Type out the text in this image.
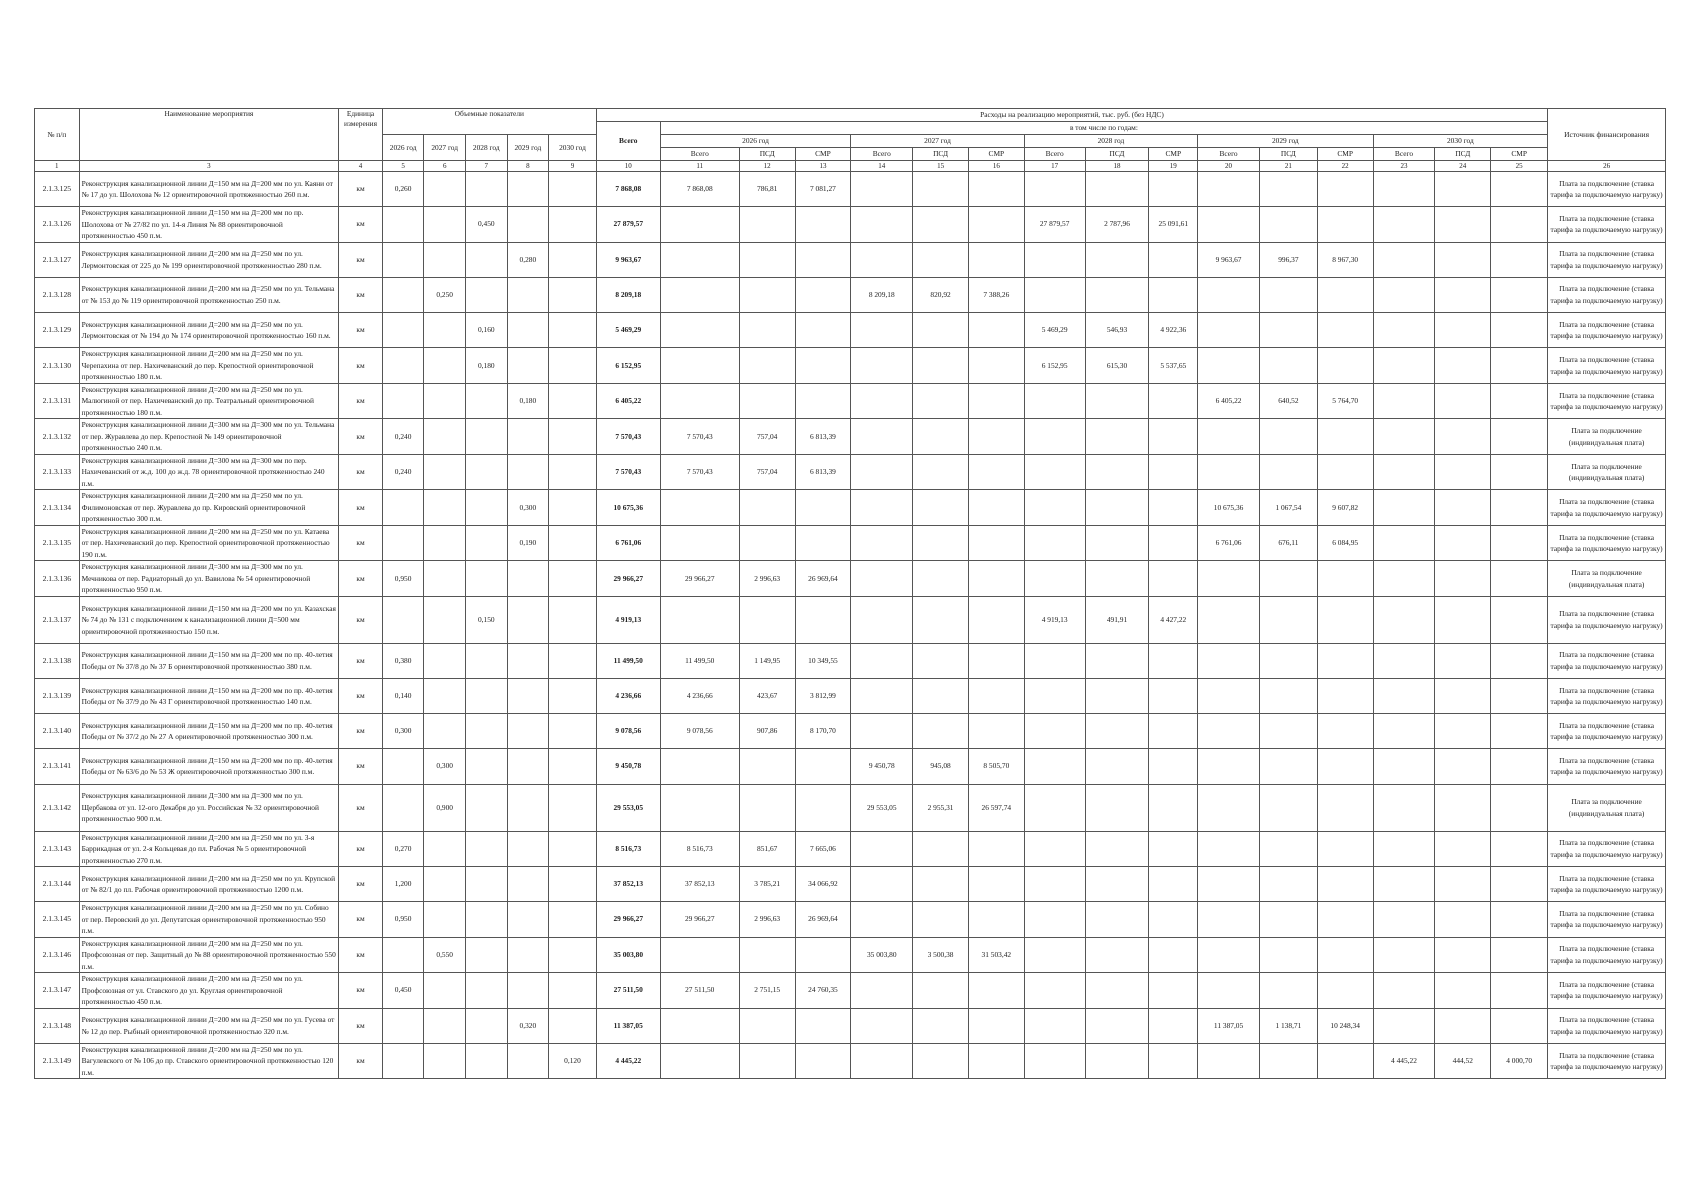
№ п/п	Наименование мероприятия	Единица измерения	Объемные показатели					Расходы на реализацию мероприятий, тыс. руб. (без НДС)																Источник финансирования
								Всего	в том числе по годам:															
			2026 год	2027 год	2028 год	2029 год	2030 год		2026 год			2027 год			2028 год			2029 год			2030 год			
									Всего	ПСД	СМР	Всего	ПСД	СМР	Всего	ПСД	СМР	Всего	ПСД	СМР	Всего	ПСД	СМР	
1	3	4	5	6	7	8	9	10	11	12	13	14	15	16	17	18	19	20	21	22	23	24	25	26
2.1.3.125	Реконструкция канализационной линии Д=150 мм на Д=200 мм по ул. Каяни от № 17 до ул. Шолохова № 12 ориентировочной протяженностью 260 п.м.	км	0,260					7 868,08	7 868,08	786,81	7 081,27													Плата за подключение (ставка тарифа за подключаемую нагрузку)
2.1.3.126	Реконструкция канализационной линии Д=150 мм на Д=200 мм по пр. Шолохова от № 27/82 по ул. 14-я Линия № 88 ориентировочной протяженностью 450 п.м.	км			0,450			27 879,57							27 879,57	2 787,96	25 091,61							Плата за подключение (ставка тарифа за подключаемую нагрузку)
2.1.3.127	Реконструкция канализационной линии Д=200 мм на Д=250 мм по ул. Лермонтовская от 225 до № 199 ориентировочной протяженностью 280 п.м.	км				0,280		9 963,67										9 963,67	996,37	8 967,30				Плата за подключение (ставка тарифа за подключаемую нагрузку)
2.1.3.128	Реконструкция канализационной линии Д=200 мм на Д=250 мм по ул. Тельмана от № 153 до № 119 ориентировочной протяженностью 250 п.м.	км		0,250				8 209,18				8 209,18	820,92	7 388,26										Плата за подключение (ставка тарифа за подключаемую нагрузку)
2.1.3.129	Реконструкция канализационной линии Д=200 мм на Д=250 мм по ул. Лермонтовская от № 194 до № 174 ориентировочной протяженностью 160 п.м.	км			0,160			5 469,29							5 469,29	546,93	4 922,36							Плата за подключение (ставка тарифа за подключаемую нагрузку)
2.1.3.130	Реконструкция канализационной линии Д=200 мм на Д=250 мм по ул. Черепахина от пер. Нахичеванский до пер. Крепостной ориентировочной протяженностью 180 п.м.	км			0,180			6 152,95							6 152,95	615,30	5 537,65							Плата за подключение (ставка тарифа за подключаемую нагрузку)
2.1.3.131	Реконструкция канализационной линии Д=200 мм на Д=250 мм по ул. Малюгиной от пер. Нахичеванский до пр. Театральный ориентировочной протяженностью 180 п.м.	км				0,180		6 405,22										6 405,22	640,52	5 764,70				Плата за подключение (ставка тарифа за подключаемую нагрузку)
2.1.3.132	Реконструкция канализационной линии Д=300 мм на Д=300 мм по ул. Тельмана от пер. Журавлева до пер. Крепостной № 149 ориентировочной протяженностью 240 п.м.	км	0,240					7 570,43	7 570,43	757,04	6 813,39													Плата за подключение (индивидуальная плата)
2.1.3.133	Реконструкция канализационной линии Д=300 мм на Д=300 мм по пер. Нахичеванский от ж.д. 100 до ж.д. 78 ориентировочной протяженностью 240 п.м.	км	0,240					7 570,43	7 570,43	757,04	6 813,39													Плата за подключение (индивидуальная плата)
2.1.3.134	Реконструкция канализационной линии Д=200 мм на Д=250 мм по ул. Филимоновская от пер. Журавлева до пр. Кировский ориентировочной протяженностью 300 п.м.	км				0,300		10 675,36										10 675,36	1 067,54	9 607,82				Плата за подключение (ставка тарифа за подключаемую нагрузку)
2.1.3.135	Реконструкция канализационной линии Д=200 мм на Д=250 мм по ул. Катаева от пер. Нахичеванский до пер. Крепостной ориентировочной протяженностью 190 п.м.	км				0,190		6 761,06										6 761,06	676,11	6 084,95				Плата за подключение (ставка тарифа за подключаемую нагрузку)
2.1.3.136	Реконструкция канализационной линии Д=300 мм на Д=300 мм по ул. Мечникова от пер. Радиаторный до ул. Вавилова № 54 ориентировочной протяженностью 950 п.м.	км	0,950					29 966,27	29 966,27	2 996,63	26 969,64													Плата за подключение (индивидуальная плата)
2.1.3.137	Реконструкция канализационной линии Д=150 мм на Д=200 мм по ул. Казахская № 74 до № 131 с подключением к канализационной линии Д=500 мм ориентировочной протяженностью 150 п.м.	км			0,150			4 919,13							4 919,13	491,91	4 427,22							Плата за подключение (ставка тарифа за подключаемую нагрузку)
2.1.3.138	Реконструкция канализационной линии Д=150 мм на Д=200 мм по пр. 40-летия Победы от № 37/8 до № 37 Б ориентировочной протяженностью 380 п.м.	км	0,380					11 499,50	11 499,50	1 149,95	10 349,55													Плата за подключение (ставка тарифа за подключаемую нагрузку)
2.1.3.139	Реконструкция канализационной линии Д=150 мм на Д=200 мм по пр. 40-летия Победы от № 37/9 до № 43 Г ориентировочной протяженностью 140 п.м.	км	0,140					4 236,66	4 236,66	423,67	3 812,99													Плата за подключение (ставка тарифа за подключаемую нагрузку)
2.1.3.140	Реконструкция канализационной линии Д=150 мм на Д=200 мм по пр. 40-летия Победы от № 37/2 до № 27 А ориентировочной протяженностью 300 п.м.	км	0,300					9 078,56	9 078,56	907,86	8 170,70													Плата за подключение (ставка тарифа за подключаемую нагрузку)
2.1.3.141	Реконструкция канализационной линии Д=150 мм на Д=200 мм по пр. 40-летия Победы от № 63/6 до № 53 Ж ориентировочной протяженностью 300 п.м.	км		0,300				9 450,78				9 450,78	945,08	8 505,70										Плата за подключение (ставка тарифа за подключаемую нагрузку)
2.1.3.142	Реконструкция канализационной линии Д=300 мм на Д=300 мм по ул. Щербакова от ул. 12-ого Декабря до ул. Российская № 32 ориентировочной протяженностью 900 п.м.	км		0,900				29 553,05				29 553,05	2 955,31	26 597,74										Плата за подключение (индивидуальная плата)
2.1.3.143	Реконструкция канализационной линии Д=200 мм на Д=250 мм по ул. 3-я Баррикадная от ул. 2-я Кольцевая до пл. Рабочая № 5 ориентировочной протяженностью 270 п.м.	км	0,270					8 516,73	8 516,73	851,67	7 665,06													Плата за подключение (ставка тарифа за подключаемую нагрузку)
2.1.3.144	Реконструкция канализационной линии Д=200 мм на Д=250 мм по ул. Крупской от № 82/1 до пл. Рабочая ориентировочной протяженностью 1200 п.м.	км	1,200					37 852,13	37 852,13	3 785,21	34 066,92													Плата за подключение (ставка тарифа за подключаемую нагрузку)
2.1.3.145	Реконструкция канализационной линии Д=200 мм на Д=250 мм по ул. Собино от пер. Перовский до ул. Депутатская ориентировочной протяженностью 950 п.м.	км	0,950					29 966,27	29 966,27	2 996,63	26 969,64													Плата за подключение (ставка тарифа за подключаемую нагрузку)
2.1.3.146	Реконструкция канализационной линии Д=200 мм на Д=250 мм по ул. Профсоюзная от пер. Защитный до № 88 ориентировочной протяженностью 550 п.м.	км		0,550				35 003,80				35 003,80	3 500,38	31 503,42										Плата за подключение (ставка тарифа за подключаемую нагрузку)
2.1.3.147	Реконструкция канализационной линии Д=200 мм на Д=250 мм по ул. Профсоюзная от ул. Ставского до ул. Круглая ориентировочной протяженностью 450 п.м.	км	0,450					27 511,50	27 511,50	2 751,15	24 760,35													Плата за подключение (ставка тарифа за подключаемую нагрузку)
2.1.3.148	Реконструкция канализационной линии Д=200 мм на Д=250 мм по ул. Гусева от № 12 до пер. Рыбный ориентировочной протяженностью 320 п.м.	км				0,320		11 387,05										11 387,05	1 138,71	10 248,34				Плата за подключение (ставка тарифа за подключаемую нагрузку)
2.1.3.149	Реконструкция канализационной линии Д=200 мм на Д=250 мм по ул. Вагулевского от № 106 до пр. Ставского ориентировочной протяженностью 120 п.м.	км					0,120	4 445,22													4 445,22	444,52	4 000,70	Плата за подключение (ставка тарифа за подключаемую нагрузку)
